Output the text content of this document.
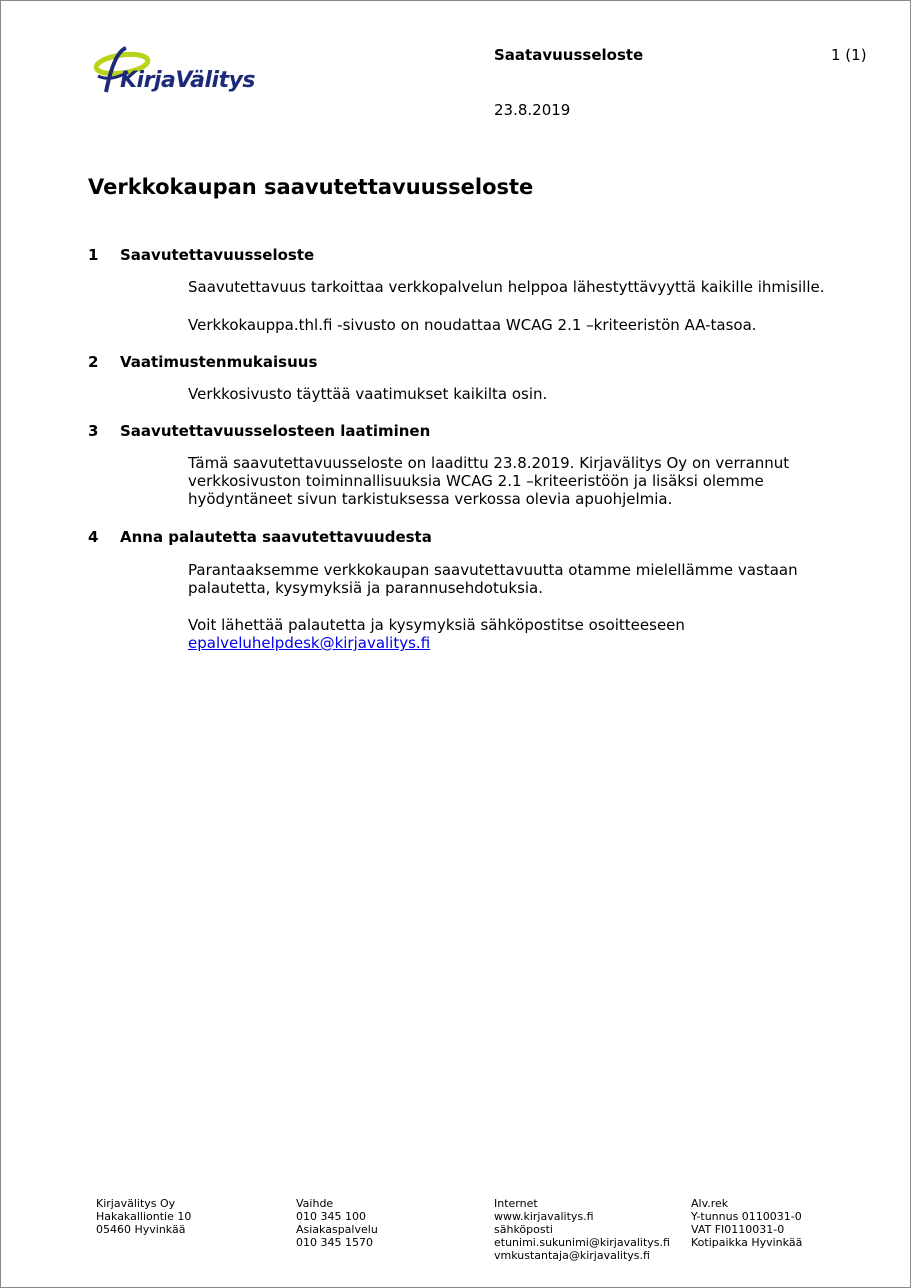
KirjaVälitys
Saatavuusseloste	1 (1)
23.8.2019
Verkkokaupan saavutettavuusseloste
1 Saavutettavuusseloste

Saavutettavuus tarkoittaa verkkopalvelun helppoa lähestyttävyyttä kaikille ihmisille.

Verkkokauppa.thl.fi -sivusto on noudattaa WCAG 2.1 –kriteeristön AA-tasoa.

2 Vaatimustenmukaisuus

Verkkosivusto täyttää vaatimukset kaikilta osin.

3 Saavutettavuusselosteen laatiminen

Tämä saavutettavuusseloste on laadittu 23.8.2019. Kirjavälitys Oy on verrannut verkkosivuston toiminnallisuuksia WCAG 2.1 –kriteeristöön ja lisäksi olemme hyödyntäneet sivun tarkistuksessa verkossa olevia apuohjelmia.

4 Anna palautetta saavutettavuudesta

Parantaaksemme verkkokaupan saavutettavuutta otamme mielellämme vastaan palautetta, kysymyksiä ja parannusehdotuksia.

Voit lähettää palautetta ja kysymyksiä sähköpostitse osoitteeseen
epalveluhelpdesk@kirjavalitys.fi

Kirjavälitys Oy
Hakakalliontie 10
05460 Hyvinkää
Vaihde
010 345 100
Asiakaspalvelu
010 345 1570
Internet
www.kirjavalitys.fi
sähköposti
etunimi.sukunimi@kirjavalitys.fi
vmkustantaja@kirjavalitys.fi
Alv.rek
Y-tunnus 0110031-0
VAT FI0110031-0
Kotipaikka Hyvinkää
